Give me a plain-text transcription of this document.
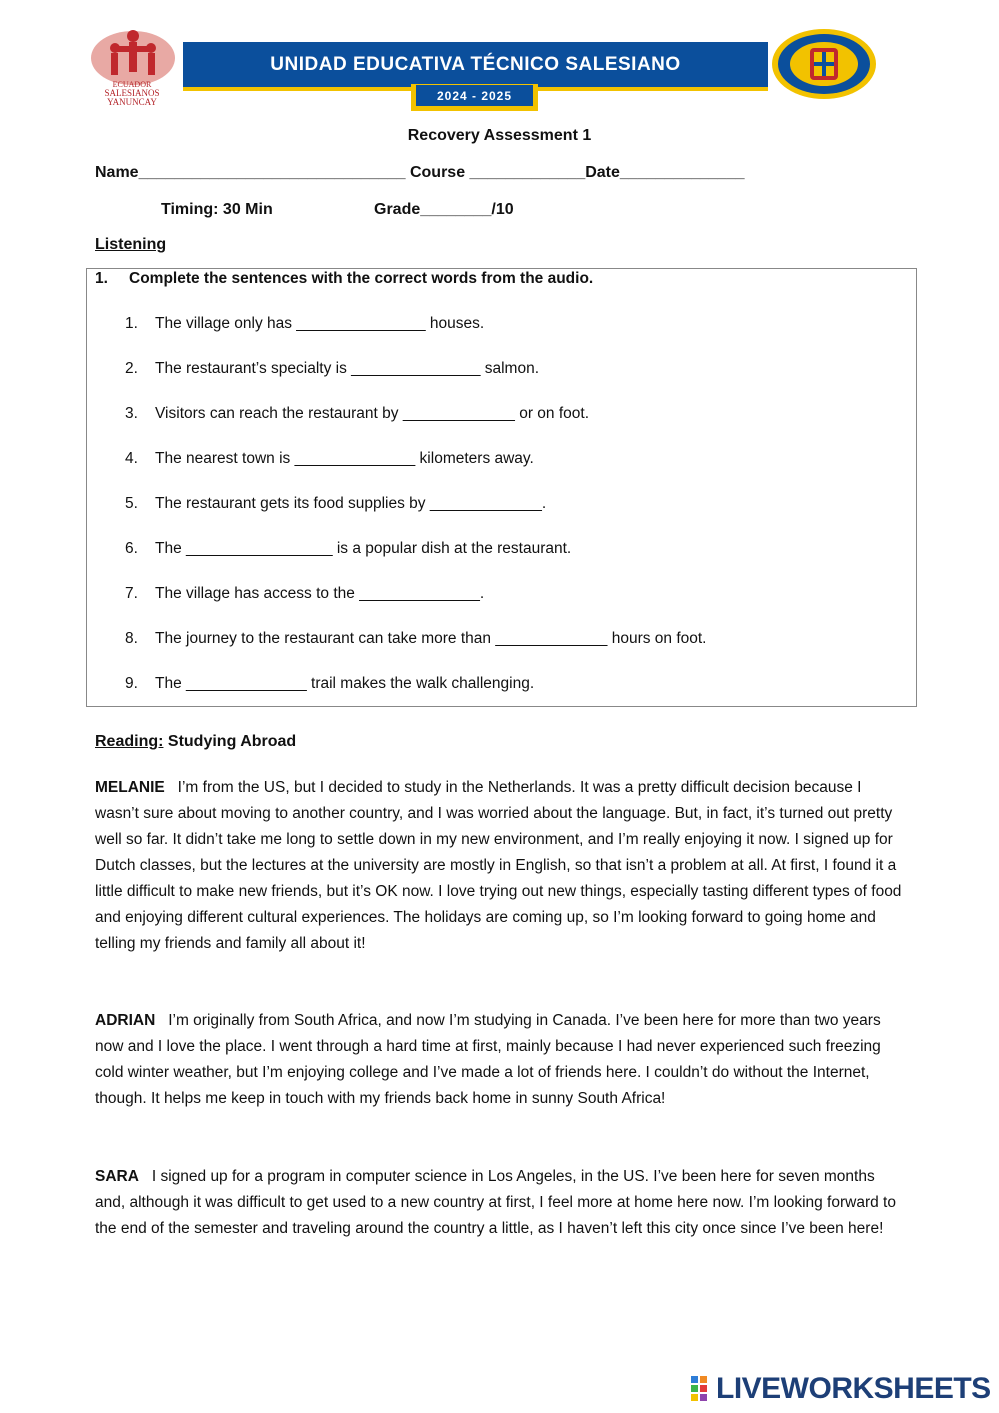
ECUADOR
SALESIANOS
YANUNCAY
UNIDAD EDUCATIVA TÉCNICO SALESIANO
2024 - 2025
Recovery Assessment 1
Name______________________________ Course _____________Date______________
Timing: 30 Min	Grade________/10
Listening
1. Complete the sentences with the correct words from the audio.
1. The village only has _______________ houses.
2. The restaurant’s specialty is _______________ salmon.
3. Visitors can reach the restaurant by _____________ or on foot.
4. The nearest town is ______________ kilometers away.
5. The restaurant gets its food supplies by _____________.
6. The _________________ is a popular dish at the restaurant.
7. The village has access to the ______________.
8. The journey to the restaurant can take more than _____________ hours on foot.
9. The ______________ trail makes the walk challenging.
Reading: Studying Abroad
MELANIE I’m from the US, but I decided to study in the Netherlands. It was a pretty difficult decision because I wasn’t sure about moving to another country, and I was worried about the language. But, in fact, it’s turned out pretty well so far. It didn’t take me long to settle down in my new environment, and I’m really enjoying it now. I signed up for Dutch classes, but the lectures at the university are mostly in English, so that isn’t a problem at all. At first, I found it a little difficult to make new friends, but it’s OK now. I love trying out new things, especially tasting different types of food and enjoying different cultural experiences. The holidays are coming up, so I’m looking forward to going home and telling my friends and family all about it!
ADRIAN I’m originally from South Africa, and now I’m studying in Canada. I’ve been here for more than two years now and I love the place. I went through a hard time at first, mainly because I had never experienced such freezing cold winter weather, but I’m enjoying college and I’ve made a lot of friends here. I couldn’t do without the Internet, though. It helps me keep in touch with my friends back home in sunny South Africa!
SARA I signed up for a program in computer science in Los Angeles, in the US. I’ve been here for seven months and, although it was difficult to get used to a new country at first, I feel more at home here now. I’m looking forward to the end of the semester and traveling around the country a little, as I haven’t left this city once since I’ve been here!
LIVEWORKSHEETS
